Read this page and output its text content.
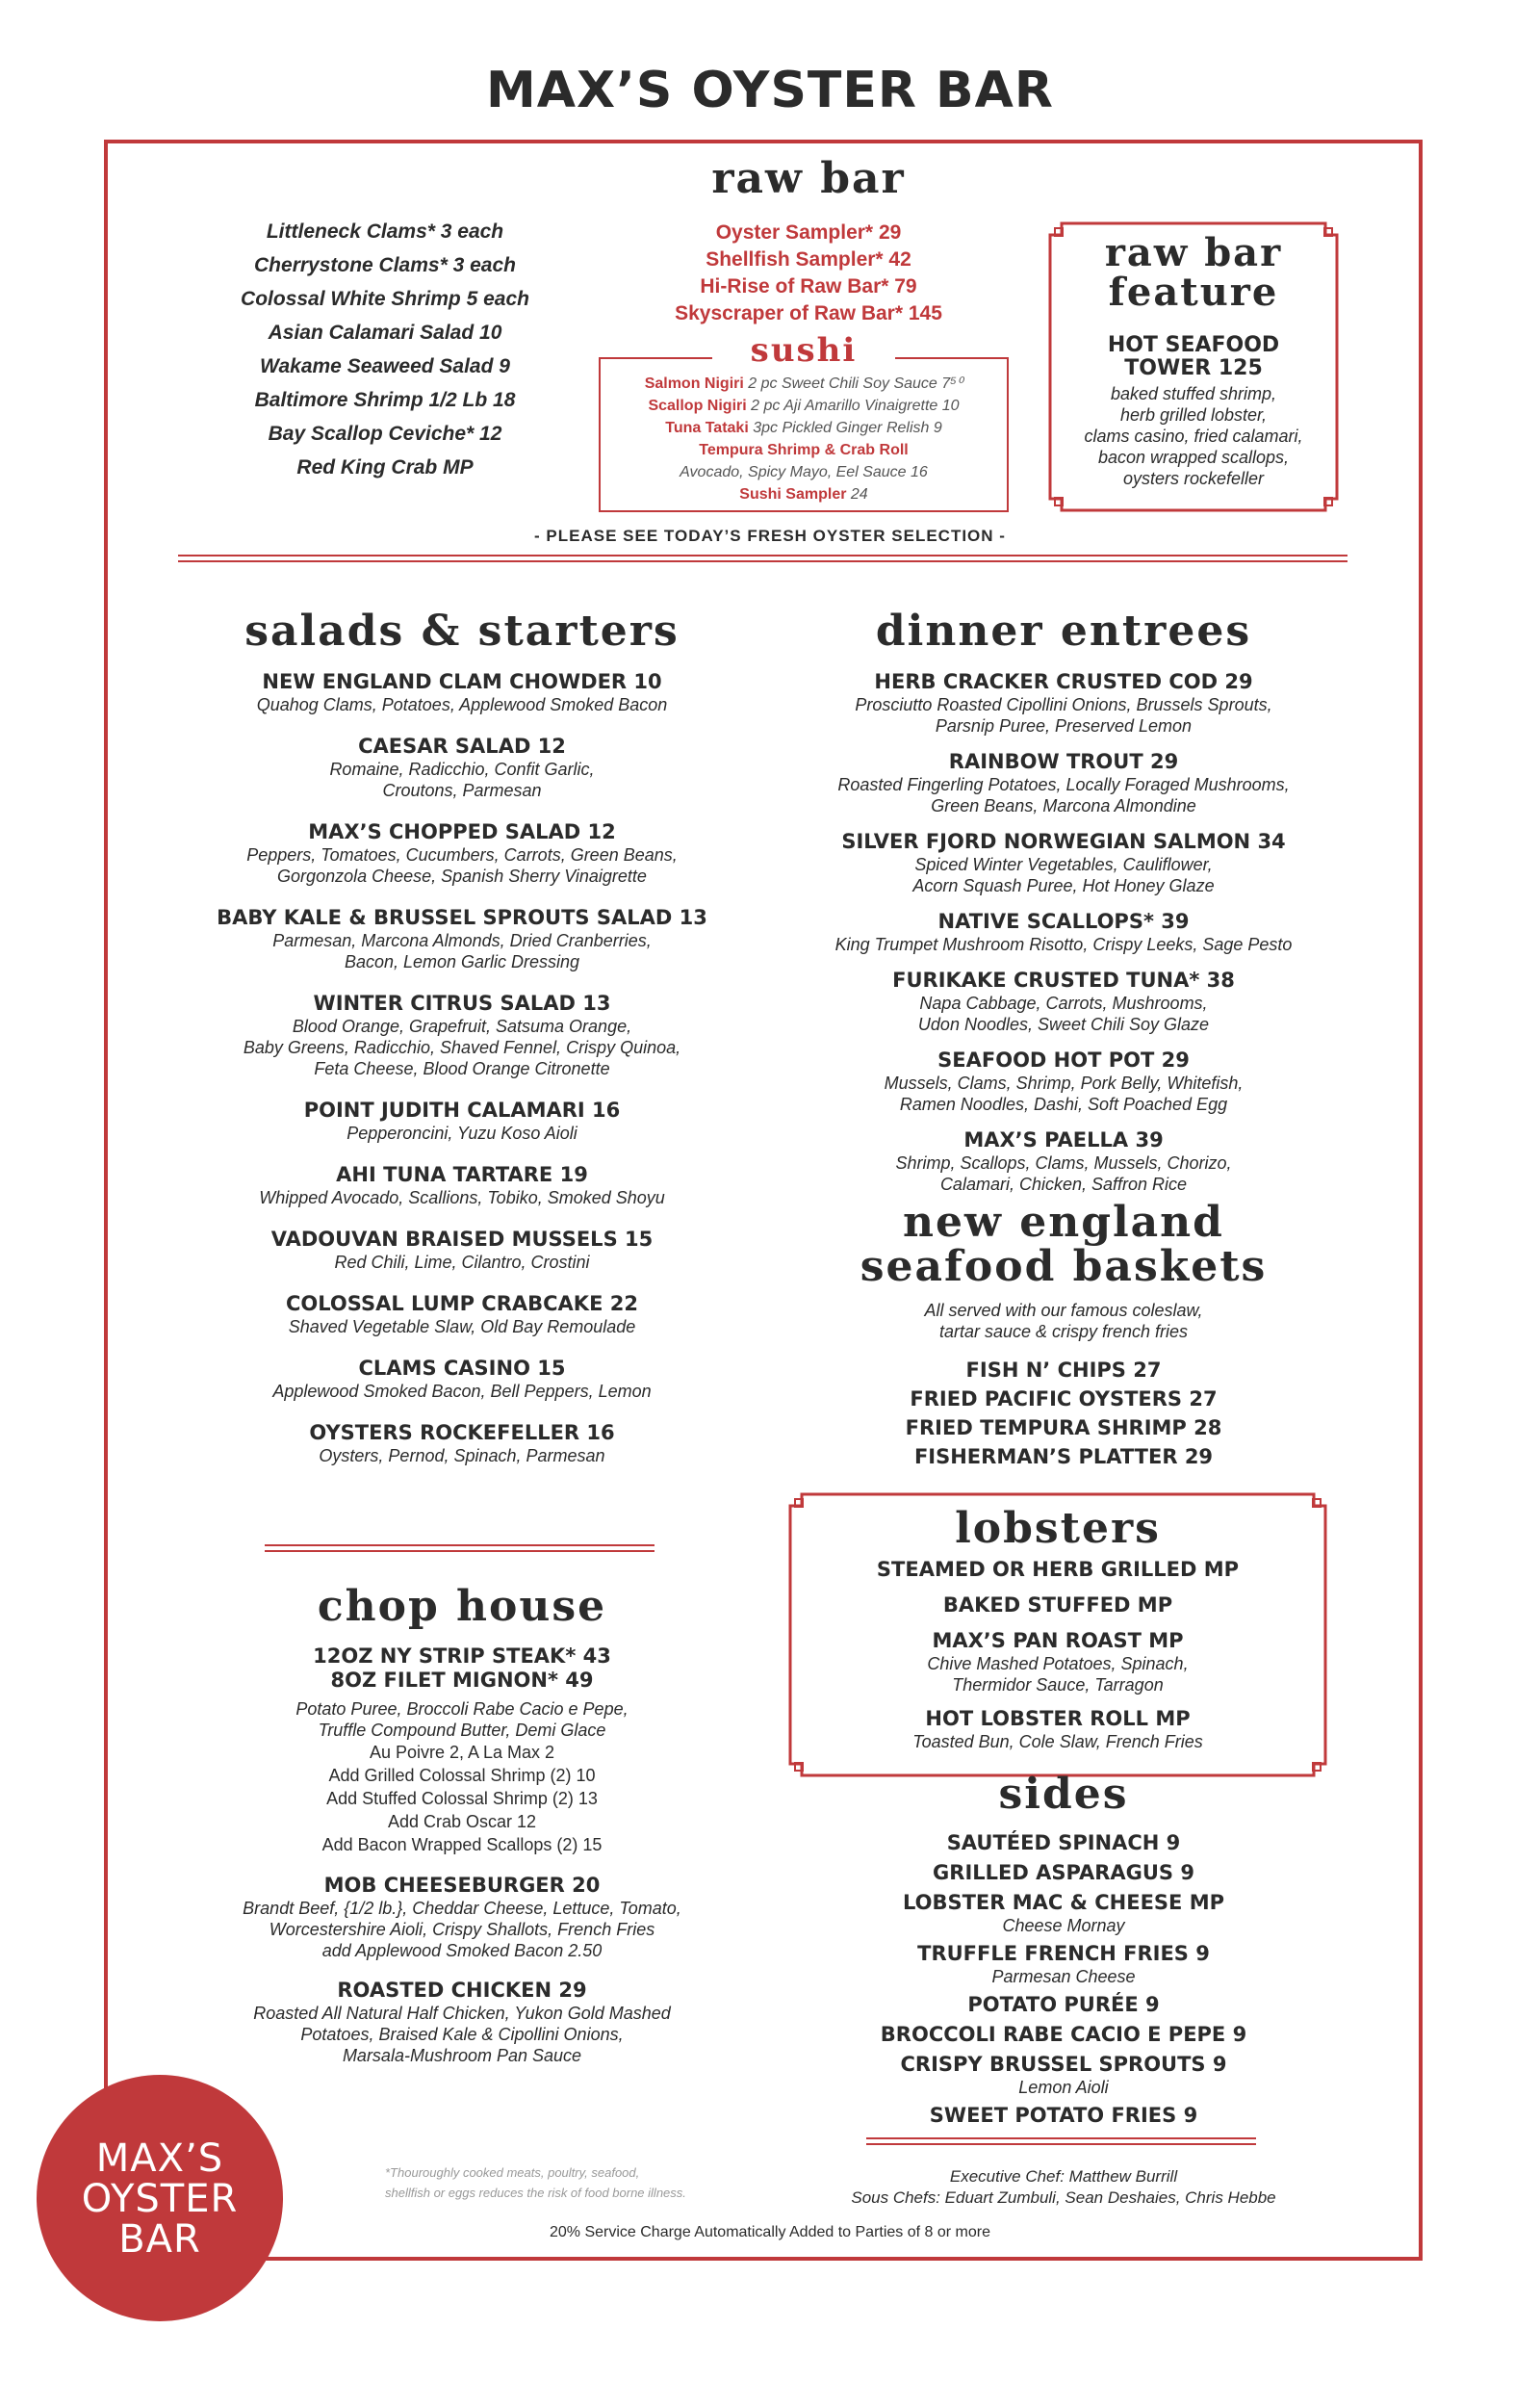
MAX’S OYSTER BAR
raw bar
Littleneck Clams* 3 each
Cherrystone Clams* 3 each
Colossal White Shrimp 5 each
Asian Calamari Salad 10
Wakame Seaweed Salad 9
Baltimore Shrimp 1/2 Lb 18
Bay Scallop Ceviche* 12
Red King Crab MP
Oyster Sampler* 29
Shellfish Sampler* 42
Hi-Rise of Raw Bar* 79
Skyscraper of Raw Bar* 145
sushi
Salmon Nigiri 2 pc Sweet Chili Soy Sauce 7⁵⁰
Scallop Nigiri 2 pc Aji Amarillo Vinaigrette 10
Tuna Tataki 3pc Pickled Ginger Relish 9
Tempura Shrimp & Crab Roll
Avocado, Spicy Mayo, Eel Sauce 16
Sushi Sampler 24
raw bar
feature
HOT SEAFOOD
TOWER 125
baked stuffed shrimp,
herb grilled lobster,
clams casino, fried calamari,
bacon wrapped scallops,
oysters rockefeller
- PLEASE SEE TODAY’S FRESH OYSTER SELECTION -
salads & starters
NEW ENGLAND CLAM CHOWDER 10
Quahog Clams, Potatoes, Applewood Smoked Bacon
CAESAR SALAD 12
Romaine, Radicchio, Confit Garlic,
Croutons, Parmesan
MAX’S CHOPPED SALAD 12
Peppers, Tomatoes, Cucumbers, Carrots, Green Beans,
Gorgonzola Cheese, Spanish Sherry Vinaigrette
BABY KALE & BRUSSEL SPROUTS SALAD 13
Parmesan, Marcona Almonds, Dried Cranberries,
Bacon, Lemon Garlic Dressing
WINTER CITRUS SALAD 13
Blood Orange, Grapefruit, Satsuma Orange,
Baby Greens, Radicchio, Shaved Fennel, Crispy Quinoa,
Feta Cheese, Blood Orange Citronette
POINT JUDITH CALAMARI 16
Pepperoncini, Yuzu Koso Aioli
AHI TUNA TARTARE 19
Whipped Avocado, Scallions, Tobiko, Smoked Shoyu
VADOUVAN BRAISED MUSSELS 15
Red Chili, Lime, Cilantro, Crostini
COLOSSAL LUMP CRABCAKE 22
Shaved Vegetable Slaw, Old Bay Remoulade
CLAMS CASINO 15
Applewood Smoked Bacon, Bell Peppers, Lemon
OYSTERS ROCKEFELLER 16
Oysters, Pernod, Spinach, Parmesan
chop house
12OZ NY STRIP STEAK* 43
8OZ FILET MIGNON* 49
Potato Puree, Broccoli Rabe Cacio e Pepe,
Truffle Compound Butter, Demi Glace
Au Poivre 2, A La Max 2
Add Grilled Colossal Shrimp (2) 10
Add Stuffed Colossal Shrimp (2) 13
Add Crab Oscar 12
Add Bacon Wrapped Scallops (2) 15
MOB CHEESEBURGER 20
Brandt Beef, {1/2 lb.}, Cheddar Cheese, Lettuce, Tomato,
Worcestershire Aioli, Crispy Shallots, French Fries
add Applewood Smoked Bacon 2.50
ROASTED CHICKEN 29
Roasted All Natural Half Chicken, Yukon Gold Mashed
Potatoes, Braised Kale & Cipollini Onions,
Marsala-Mushroom Pan Sauce
dinner entrees
HERB CRACKER CRUSTED COD 29
Prosciutto Roasted Cipollini Onions, Brussels Sprouts,
Parsnip Puree, Preserved Lemon
RAINBOW TROUT 29
Roasted Fingerling Potatoes, Locally Foraged Mushrooms,
Green Beans, Marcona Almondine
SILVER FJORD NORWEGIAN SALMON 34
Spiced Winter Vegetables, Cauliflower,
Acorn Squash Puree, Hot Honey Glaze
NATIVE SCALLOPS* 39
King Trumpet Mushroom Risotto, Crispy Leeks, Sage Pesto
FURIKAKE CRUSTED TUNA* 38
Napa Cabbage, Carrots, Mushrooms,
Udon Noodles, Sweet Chili Soy Glaze
SEAFOOD HOT POT 29
Mussels, Clams, Shrimp, Pork Belly, Whitefish,
Ramen Noodles, Dashi, Soft Poached Egg
MAX’S PAELLA 39
Shrimp, Scallops, Clams, Mussels, Chorizo,
Calamari, Chicken, Saffron Rice
new england
seafood baskets
All served with our famous coleslaw,
tartar sauce & crispy french fries
FISH N’ CHIPS 27
FRIED PACIFIC OYSTERS 27
FRIED TEMPURA SHRIMP 28
FISHERMAN’S PLATTER 29
lobsters
STEAMED OR HERB GRILLED MP
BAKED STUFFED MP
MAX’S PAN ROAST MP
Chive Mashed Potatoes, Spinach,
Thermidor Sauce, Tarragon
HOT LOBSTER ROLL MP
Toasted Bun, Cole Slaw, French Fries
sides
SAUTÉED SPINACH 9
GRILLED ASPARAGUS 9
LOBSTER MAC & CHEESE MP
Cheese Mornay
TRUFFLE FRENCH FRIES 9
Parmesan Cheese
POTATO PURÉE 9
BROCCOLI RABE CACIO E PEPE 9
CRISPY BRUSSEL SPROUTS 9
Lemon Aioli
SWEET POTATO FRIES 9
*Thouroughly cooked meats, poultry, seafood,
shellfish or eggs reduces the risk of food borne illness.
Executive Chef: Matthew Burrill
Sous Chefs: Eduart Zumbuli, Sean Deshaies, Chris Hebbe
20% Service Charge Automatically Added to Parties of 8 or more
MAX’S
OYSTER
BAR
